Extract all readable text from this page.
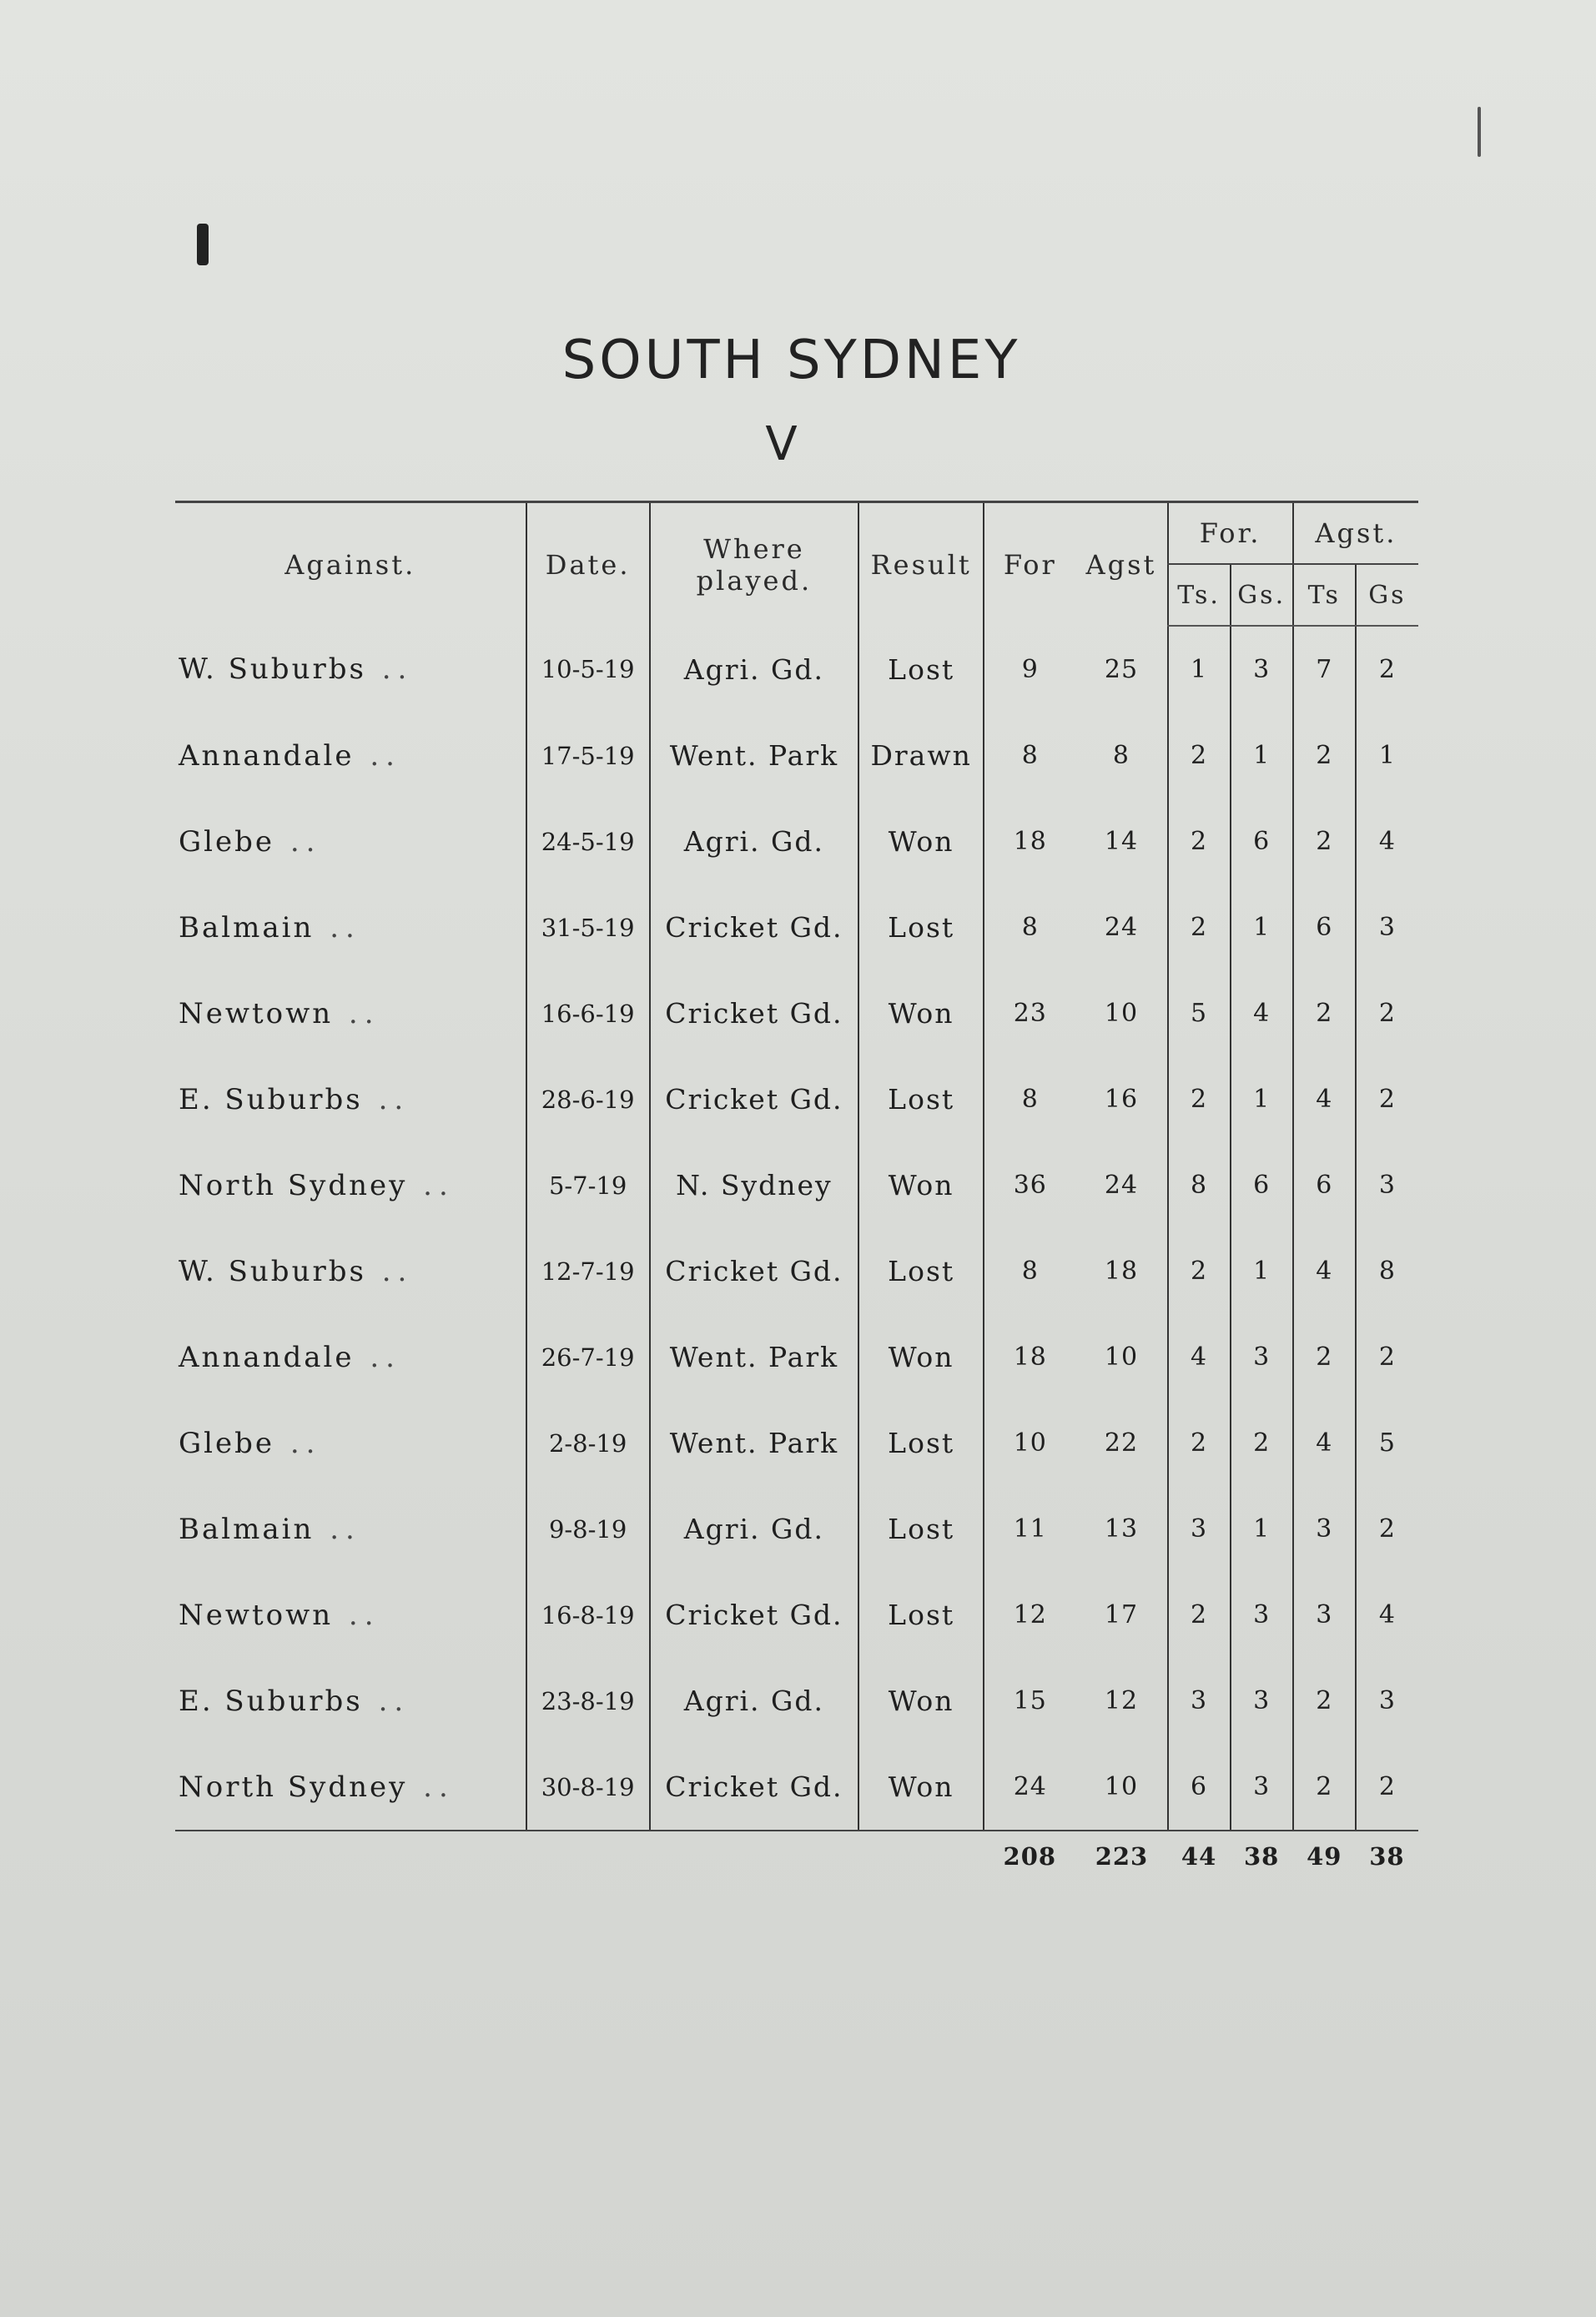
SOUTH SYDNEY
V
Against.	Date.	Where played.	Result	For	Agst	For.		Agst.	
						Ts.	Gs.	Ts	Gs
W. Suburbs ..	10-5-19	Agri. Gd.	Lost	9	25	1	3	7	2
Annandale ..	17-5-19	Went. Park	Drawn	8	8	2	1	2	1
Glebe ..	24-5-19	Agri. Gd.	Won	18	14	2	6	2	4
Balmain ..	31-5-19	Cricket Gd.	Lost	8	24	2	1	6	3
Newtown ..	16-6-19	Cricket Gd.	Won	23	10	5	4	2	2
E. Suburbs ..	28-6-19	Cricket Gd.	Lost	8	16	2	1	4	2
North Sydney ..	5-7-19	N. Sydney	Won	36	24	8	6	6	3
W. Suburbs ..	12-7-19	Cricket Gd.	Lost	8	18	2	1	4	8
Annandale ..	26-7-19	Went. Park	Won	18	10	4	3	2	2
Glebe ..	2-8-19	Went. Park	Lost	10	22	2	2	4	5
Balmain ..	9-8-19	Agri. Gd.	Lost	11	13	3	1	3	2
Newtown ..	16-8-19	Cricket Gd.	Lost	12	17	2	3	3	4
E. Suburbs ..	23-8-19	Agri. Gd.	Won	15	12	3	3	2	3
North Sydney ..	30-8-19	Cricket Gd.	Won	24	10	6	3	2	2
				208	223	44	38	49	38
